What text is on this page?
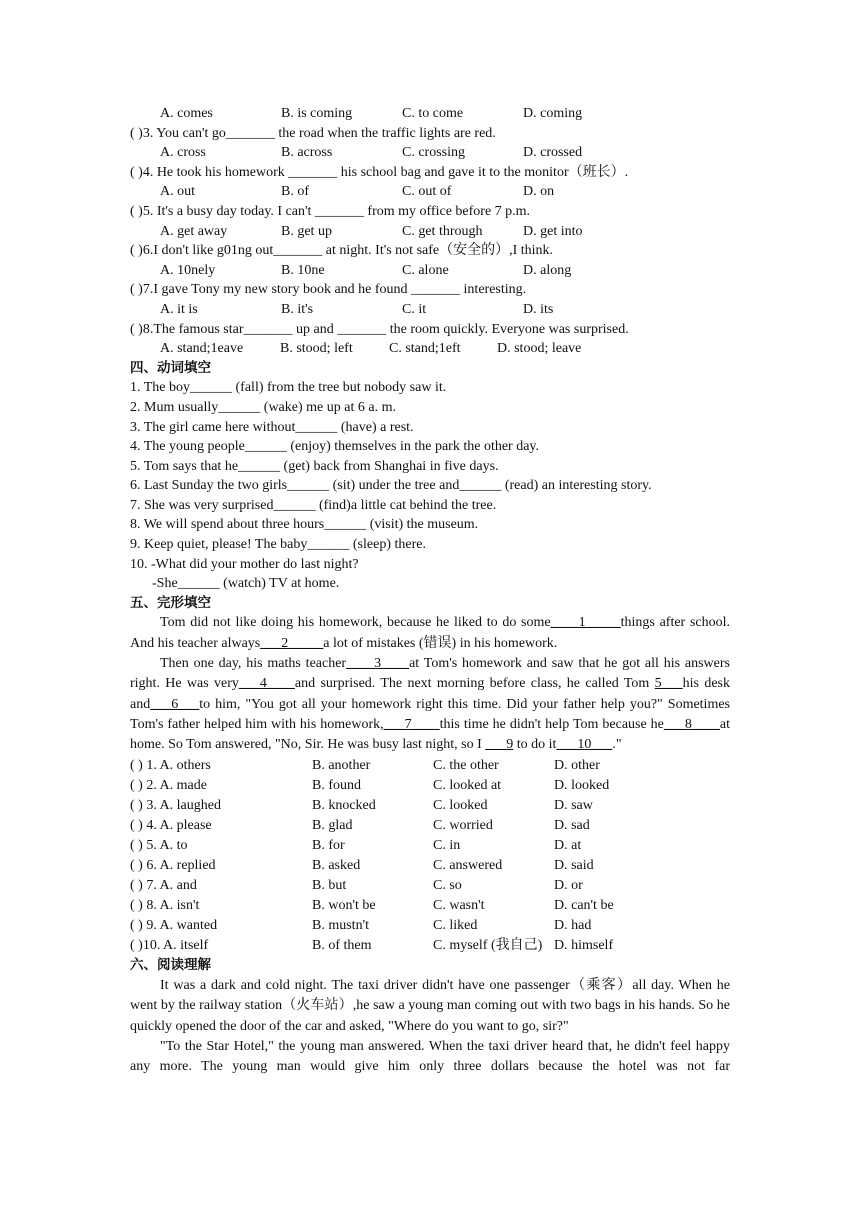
A. comes	B. is coming	C. to come	D. coming
( )3. You can't go_______ the road when the traffic lights are red.
A. cross	B. across	C. crossing	D. crossed
( )4. He took his homework _______ his school bag and gave it to the monitor（班长）.
A. out	B. of	C. out of	D. on
( )5. It's a busy day today. I can't _______ from my office before 7 p.m.
A. get away	B. get up	C. get through	D. get into
( )6.I don't like g01ng out_______ at night. It's not safe（安全的）,I think.
A. 10nely	B. 10ne	C. alone	D. along
( )7.I gave Tony my new story book and he found _______ interesting.
A. it is	B. it's	C. it	D. its
( )8.The famous star_______ up and _______ the room quickly. Everyone was surprised.
A. stand;1eave	B. stood; left	C. stand;1eft	D. stood; leave
四、动词填空
1. The boy______ (fall) from the tree but nobody saw it.
2. Mum usually______ (wake) me up at 6 a. m.
3. The girl came here without______ (have) a rest.
4. The young people______ (enjoy) themselves in the park the other day.
5. Tom says that he______ (get) back from Shanghai in five days.
6. Last Sunday the two girls______ (sit) under the tree and______ (read) an interesting story.
7. She was very surprised______ (find)a little cat behind the tree.
8. We will spend about three hours______ (visit) the museum.
9. Keep quiet, please! The baby______ (sleep) there.
10. -What did your mother do last night?
-She______ (watch) TV at home.
五、完形填空
Tom did not like doing his homework, because he liked to do some____1_____things after school. And his teacher always___2_____a lot of mistakes (错误) in his homework.
Then one day, his maths teacher____3____at Tom's homework and saw that he got all his answers right. He was very___4____and surprised. The next morning before class, he called Tom 5___his desk and___6___to him, "You got all your homework right this time. Did your father help you?" Sometimes Tom's father helped him with his homework,___7____this time he didn't help Tom because he___8____at home. So Tom answered, "No, Sir. He was busy last night, so I       9 to do it___10___."
( ) 1. A. others	B. another	C. the other	D. other
( ) 2. A. made	B. found	C. looked at	D. looked
( ) 3. A. laughed	B. knocked	C. looked	D. saw
( ) 4. A. please	B. glad	C. worried	D. sad
( ) 5. A. to	B. for	C. in	D. at
( ) 6. A. replied	B. asked	C. answered	D. said
( ) 7. A. and	B. but	C. so	D. or
( ) 8. A. isn't	B. won't be	C. wasn't	D. can't be
( ) 9. A. wanted	B. mustn't	C. liked	D. had
( )10. A. itself	B. of them	C. myself (我自己) D. himself
六、阅读理解
It was a dark and cold night. The taxi driver didn't have one passenger（乘客）all day. When he went by the railway station（火车站）,he saw a young man coming out with two bags in his hands. So he quickly opened the door of the car and asked, "Where do you want to go, sir?"
"To the Star Hotel," the young man answered. When the taxi driver heard that, he didn't feel happy any more. The young man would give him only three dollars because the hotel was not far
